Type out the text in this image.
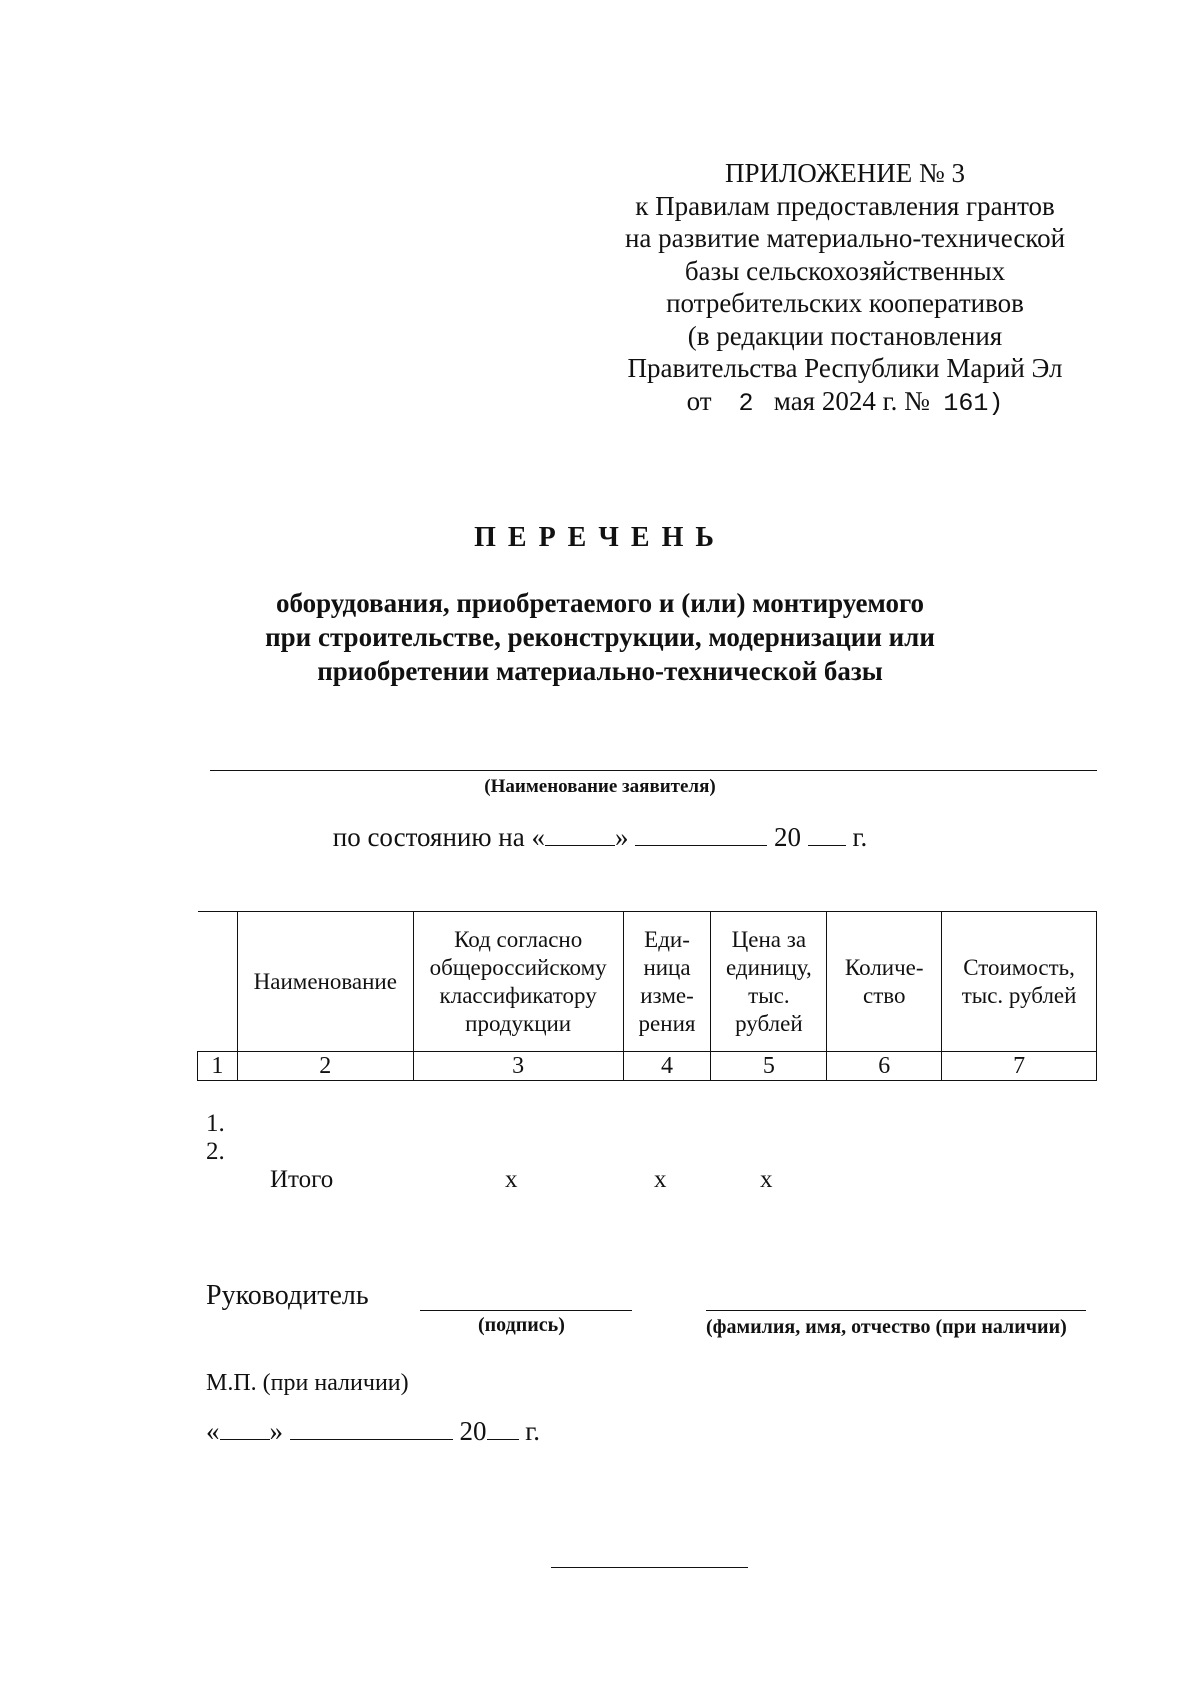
ПРИЛОЖЕНИЕ № 3
к Правилам предоставления грантов
на развитие материально-технической
базы сельскохозяйственных
потребительских кооперативов
(в редакции постановления
Правительства Республики Марий Эл
от 2 мая 2024 г. № 161)
ПЕРЕЧЕНЬ
оборудования, приобретаемого и (или) монтируемого
при строительстве, реконструкции, модернизации или
приобретении материально-технической базы
(Наименование заявителя)
по состоянию на «	»	20 г.
	Наименование	Код согласно общероссийскому классификатору продукции	Еди-ница изме-рения	Цена за единицу, тыс. рублей	Количе-ство	Стоимость, тыс. рублей
1	2	3	4	5	6	7
1.
2.
Итого	х	х	х
Руководитель
(подпись)	(фамилия, имя, отчество (при наличии)
М.П. (при наличии)
« »	20 г.
